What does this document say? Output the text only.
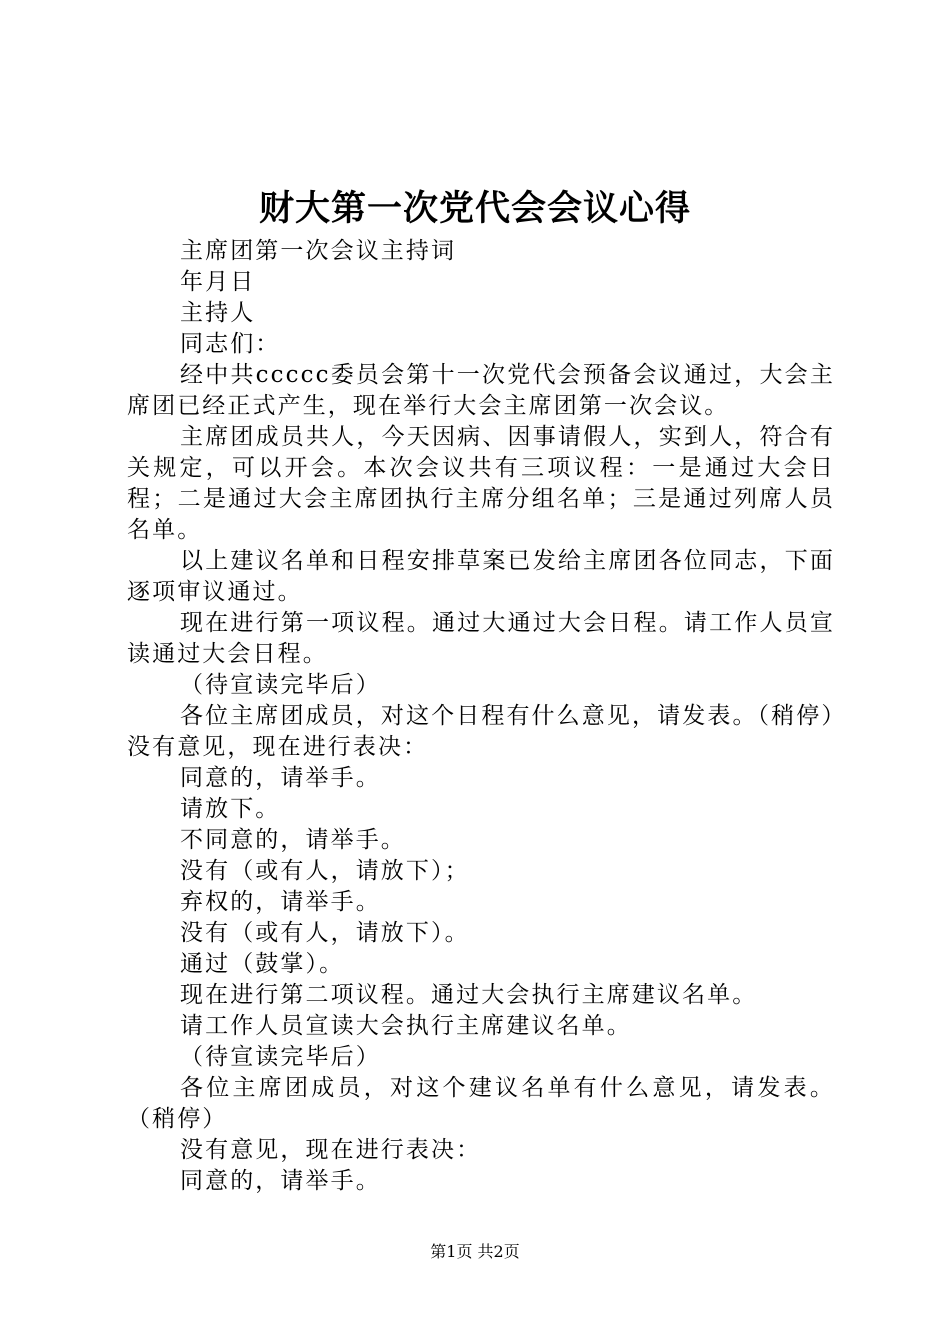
财大第一次党代会会议心得

主席团第一次会议主持词

年月日

主持人

同志们：

经中共ccccc委员会第十一次党代会预备会议通过，大会主席团已经正式产生，现在举行大会主席团第一次会议。

主席团成员共人，今天因病、因事请假人，实到人，符合有关规定，可以开会。本次会议共有三项议程：一是通过大会日程；二是通过大会主席团执行主席分组名单；三是通过列席人员名单。

以上建议名单和日程安排草案已发给主席团各位同志，下面逐项审议通过。

现在进行第一项议程。通过大通过大会日程。请工作人员宣读通过大会日程。

（待宣读完毕后）

各位主席团成员，对这个日程有什么意见，请发表。（稍停）没有意见，现在进行表决：

同意的，请举手。

请放下。

不同意的，请举手。

没有（或有人，请放下）；

弃权的，请举手。

没有（或有人，请放下）。

通过（鼓掌）。

现在进行第二项议程。通过大会执行主席建议名单。

请工作人员宣读大会执行主席建议名单。

（待宣读完毕后）

各位主席团成员，对这个建议名单有什么意见，请发表。（稍停）

没有意见，现在进行表决：

同意的，请举手。

第1页 共2页
